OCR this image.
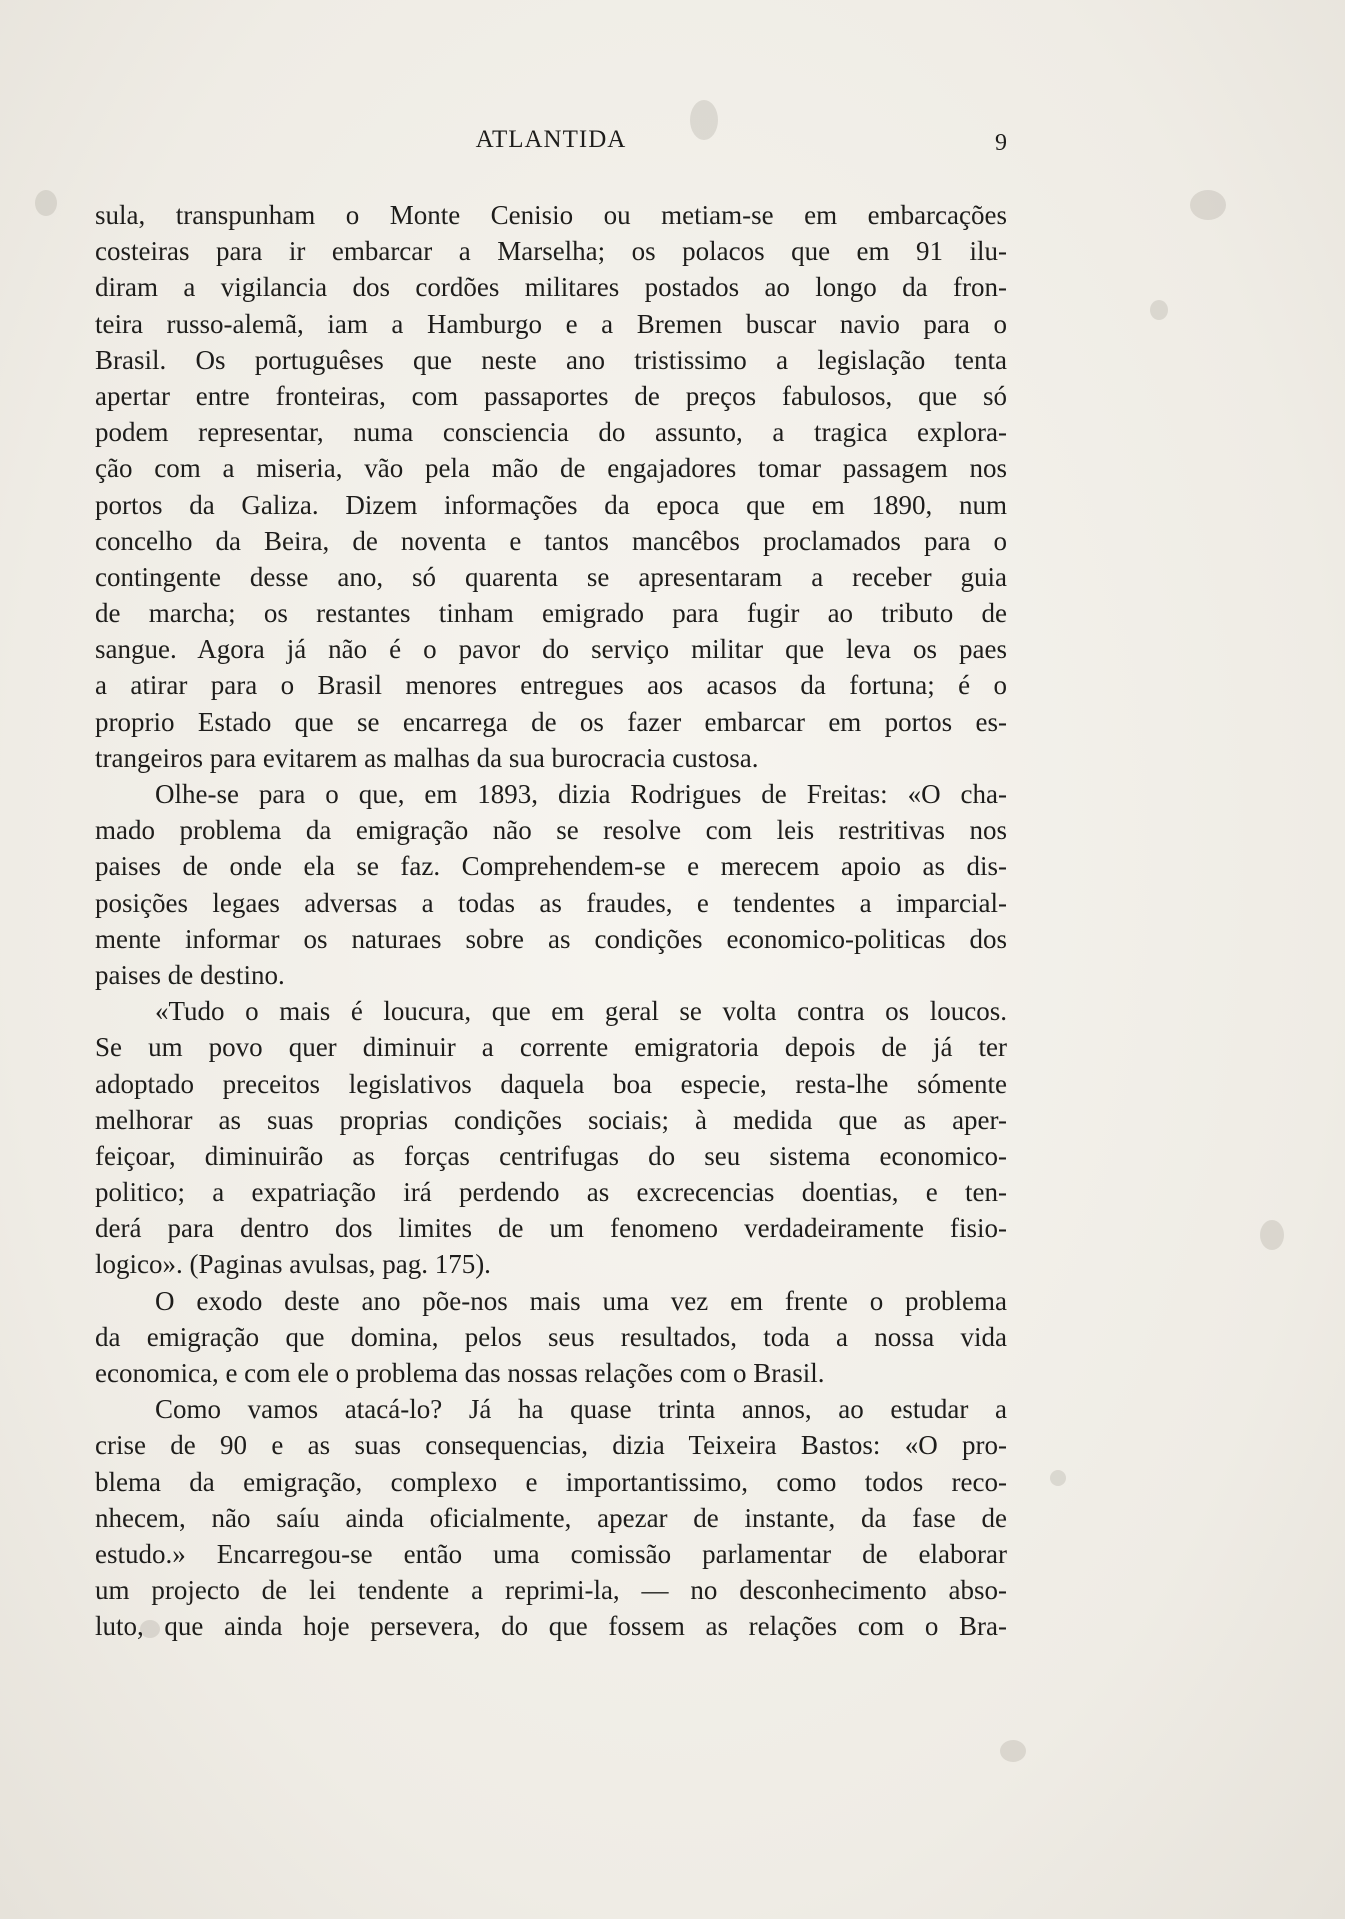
ATLANTIDA	9
sula, transpunham o Monte Cenisio ou metiam-se em embarcações
costeiras para ir embarcar a Marselha; os polacos que em 91 ilu-
diram a vigilancia dos cordões militares postados ao longo da fron-
teira russo-alemã, iam a Hamburgo e a Bremen buscar navio para o
Brasil. Os portuguêses que neste ano tristissimo a legislação tenta
apertar entre fronteiras, com passaportes de preços fabulosos, que só
podem representar, numa consciencia do assunto, a tragica explora-
ção com a miseria, vão pela mão de engajadores tomar passagem nos
portos da Galiza. Dizem informações da epoca que em 1890, num
concelho da Beira, de noventa e tantos mancêbos proclamados para o
contingente desse ano, só quarenta se apresentaram a receber guia
de marcha; os restantes tinham emigrado para fugir ao tributo de
sangue. Agora já não é o pavor do serviço militar que leva os paes
a atirar para o Brasil menores entregues aos acasos da fortuna; é o
proprio Estado que se encarrega de os fazer embarcar em portos es-
trangeiros para evitarem as malhas da sua burocracia custosa.
Olhe-se para o que, em 1893, dizia Rodrigues de Freitas: «O cha-
mado problema da emigração não se resolve com leis restritivas nos
paises de onde ela se faz. Comprehendem-se e merecem apoio as dis-
posições legaes adversas a todas as fraudes, e tendentes a imparcial-
mente informar os naturaes sobre as condições economico-politicas dos
paises de destino.
«Tudo o mais é loucura, que em geral se volta contra os loucos.
Se um povo quer diminuir a corrente emigratoria depois de já ter
adoptado preceitos legislativos daquela boa especie, resta-lhe sómente
melhorar as suas proprias condições sociais; à medida que as aper-
feiçoar, diminuirão as forças centrifugas do seu sistema economico-
politico; a expatriação irá perdendo as excrecencias doentias, e ten-
derá para dentro dos limites de um fenomeno verdadeiramente fisio-
logico». (Paginas avulsas, pag. 175).
O exodo deste ano põe-nos mais uma vez em frente o problema
da emigração que domina, pelos seus resultados, toda a nossa vida
economica, e com ele o problema das nossas relações com o Brasil.
Como vamos atacá-lo? Já ha quase trinta annos, ao estudar a
crise de 90 e as suas consequencias, dizia Teixeira Bastos: «O pro-
blema da emigração, complexo e importantissimo, como todos reco-
nhecem, não saíu ainda oficialmente, apezar de instante, da fase de
estudo.» Encarregou-se então uma comissão parlamentar de elaborar
um projecto de lei tendente a reprimi-la, — no desconhecimento abso-
luto, que ainda hoje persevera, do que fossem as relações com o Bra-
